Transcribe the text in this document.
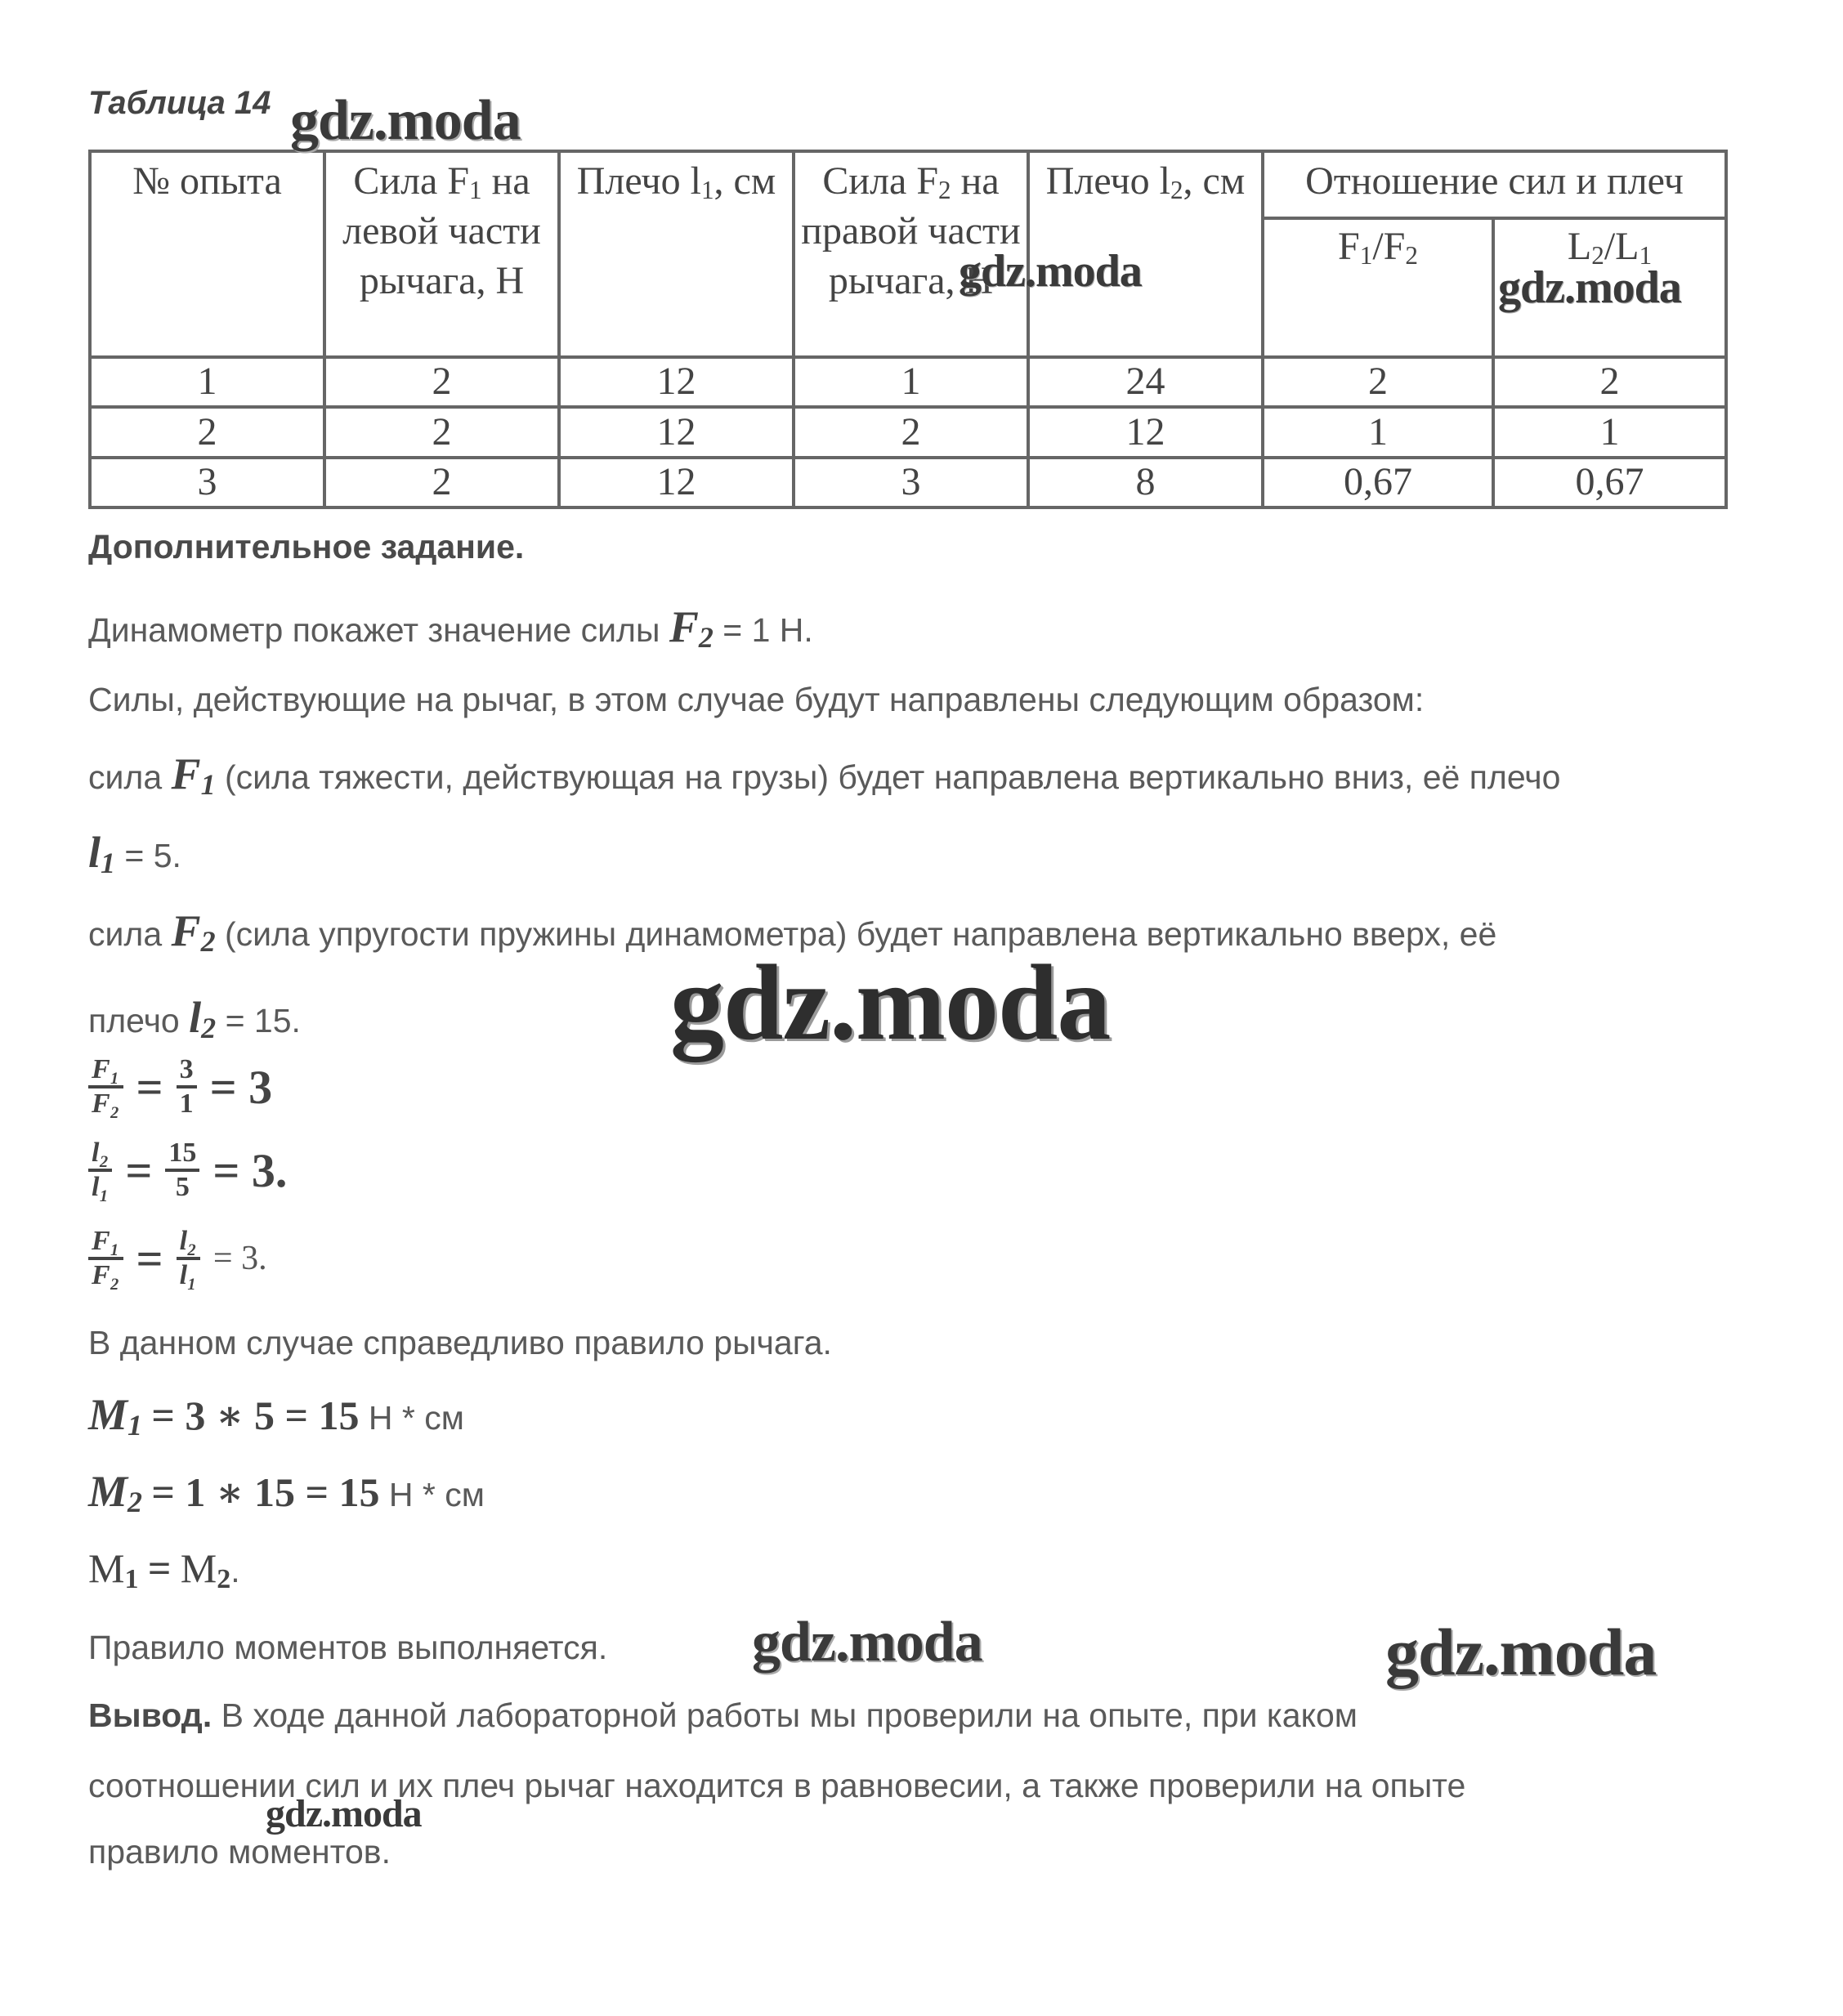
Таблица 14
№ опыта	Сила $F_1$ на левой части рычага, Н	Плечо $l_1$, см	Сила $F_2$ на правой части рычага, Н	Плечо $l_2$, см	Отношение сил и плеч	
					$F_1/F_2$	$L_2/L_1$
1	2	12	1	24	2	2
2	2	12	2	12	1	1
3	2	12	3	8	0,67	0,67
Дополнительное задание.
Динамометр покажет значение силы $F_2 = 1$ Н.
Силы, действующие на рычаг, в этом случае будут направлены следующим образом:
сила $F_1$ (сила тяжести, действующая на грузы) будет направлена вертикально вниз, её плечо
$l_1 = 5$.
сила $F_2$ (сила упругости пружины динамометра) будет направлена вертикально вверх, её
плечо $l_2 = 15$.
$\frac{\text{F₁}}{\text{F₂}} = \frac{3}{1} = 3$
$\frac{\text{l₂}}{\text{l₁}} = \frac{15}{5} = 3$.
$\frac{\text{F₁}}{\text{F₂}} = \frac{\text{l₂}}{\text{l₁}} = 3$.
В данном случае справедливо правило рычага.
$M_1 = 3$ ∗ 5 = 15 Н * см
$M_2 = 1$ ∗ 15 = 15 Н * см
$M_1 = M_2$.
Правило моментов выполняется.
Вывод. В ходе данной лабораторной работы мы проверили на опыте, при каком
соотношении сил и их плеч рычаг находится в равновесии, а также проверили на опыте
правило моментов.
gdz.moda
gdz.moda	gdz.moda
gdz.moda
gdz.moda	gdz.moda
gdz.moda
